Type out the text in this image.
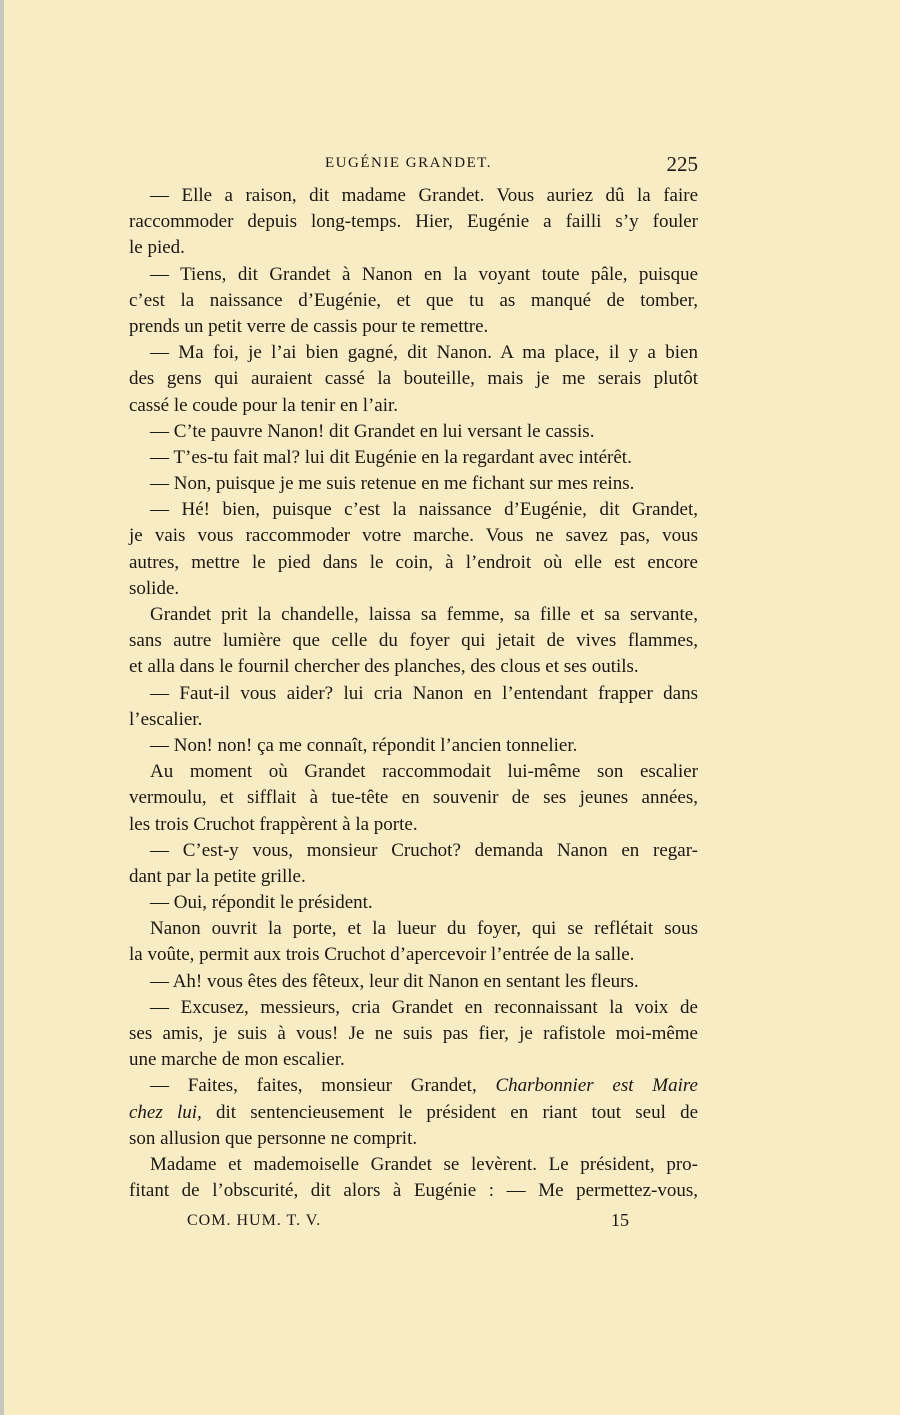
EUGÉNIE GRANDET.	225
— Elle a raison, dit madame Grandet. Vous auriez dû la faire
raccommoder depuis long-temps. Hier, Eugénie a failli s’y fouler
le pied.
— Tiens, dit Grandet à Nanon en la voyant toute pâle, puisque
c’est la naissance d’Eugénie, et que tu as manqué de tomber,
prends un petit verre de cassis pour te remettre.
— Ma foi, je l’ai bien gagné, dit Nanon. A ma place, il y a bien
des gens qui auraient cassé la bouteille, mais je me serais plutôt
cassé le coude pour la tenir en l’air.
— C’te pauvre Nanon! dit Grandet en lui versant le cassis.
— T’es-tu fait mal? lui dit Eugénie en la regardant avec intérêt.
— Non, puisque je me suis retenue en me fichant sur mes reins.
— Hé! bien, puisque c’est la naissance d’Eugénie, dit Grandet,
je vais vous raccommoder votre marche. Vous ne savez pas, vous
autres, mettre le pied dans le coin, à l’endroit où elle est encore
solide.
Grandet prit la chandelle, laissa sa femme, sa fille et sa servante,
sans autre lumière que celle du foyer qui jetait de vives flammes,
et alla dans le fournil chercher des planches, des clous et ses outils.
— Faut-il vous aider? lui cria Nanon en l’entendant frapper dans
l’escalier.
— Non! non! ça me connaît, répondit l’ancien tonnelier.
Au moment où Grandet raccommodait lui-même son escalier
vermoulu, et sifflait à tue-tête en souvenir de ses jeunes années,
les trois Cruchot frappèrent à la porte.
— C’est-y vous, monsieur Cruchot? demanda Nanon en regar-
dant par la petite grille.
— Oui, répondit le président.
Nanon ouvrit la porte, et la lueur du foyer, qui se reflétait sous
la voûte, permit aux trois Cruchot d’apercevoir l’entrée de la salle.
— Ah! vous êtes des fêteux, leur dit Nanon en sentant les fleurs.
— Excusez, messieurs, cria Grandet en reconnaissant la voix de
ses amis, je suis à vous! Je ne suis pas fier, je rafistole moi-même
une marche de mon escalier.
— Faites, faites, monsieur Grandet, Charbonnier est Maire
chez lui, dit sentencieusement le président en riant tout seul de
son allusion que personne ne comprit.
Madame et mademoiselle Grandet se levèrent. Le président, pro-
fitant de l’obscurité, dit alors à Eugénie : — Me permettez-vous,
COM. HUM. T. V.	15
